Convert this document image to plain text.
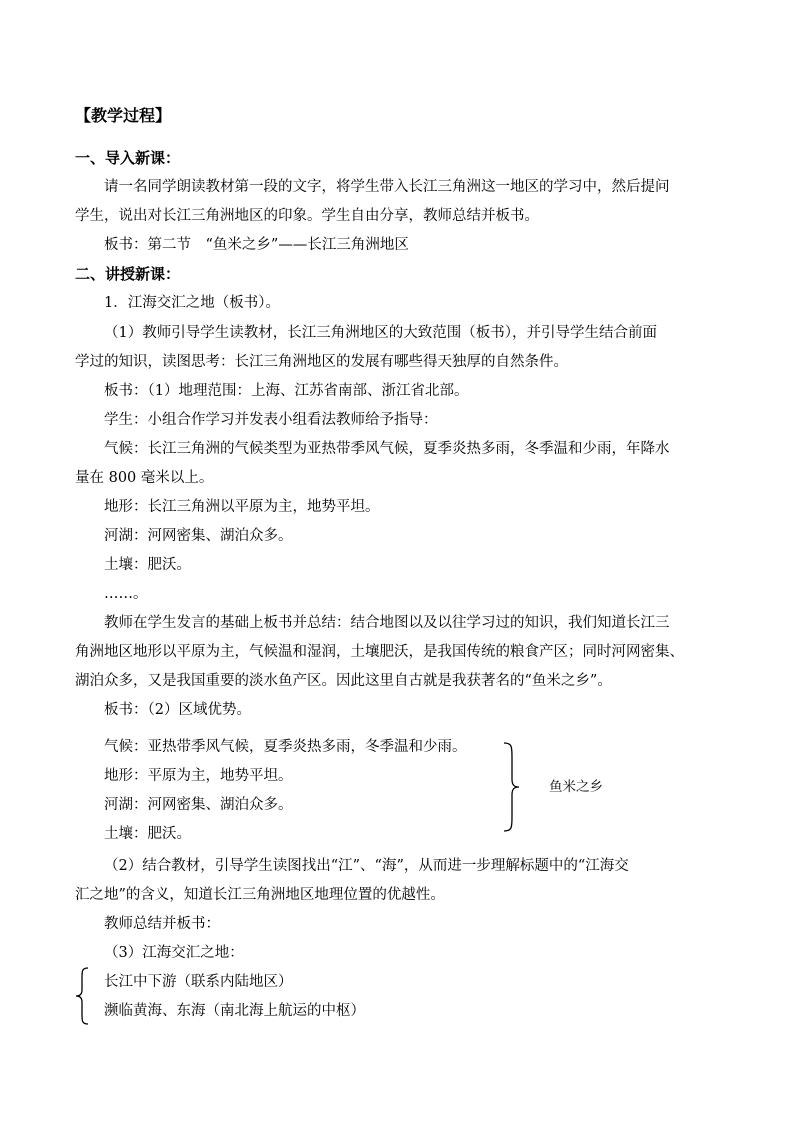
【教学过程】
一、导入新课：
请一名同学朗读教材第一段的文字，将学生带入长江三角洲这一地区的学习中，然后提问
学生，说出对长江三角洲地区的印象。学生自由分享，教师总结并板书。
板书：第二节　“鱼米之乡”——长江三角洲地区
二、讲授新课：
1．江海交汇之地（板书）。
（1）教师引导学生读教材，长江三角洲地区的大致范围（板书），并引导学生结合前面
学过的知识，读图思考：长江三角洲地区的发展有哪些得天独厚的自然条件。
板书：（1）地理范围：上海、江苏省南部、浙江省北部。
学生：小组合作学习并发表小组看法教师给予指导：
气候：长江三角洲的气候类型为亚热带季风气候，夏季炎热多雨，冬季温和少雨，年降水
量在 800 毫米以上。
地形：长江三角洲以平原为主，地势平坦。
河湖：河网密集、湖泊众多。
土壤：肥沃。
……。
教师在学生发言的基础上板书并总结：结合地图以及以往学习过的知识，我们知道长江三
角洲地区地形以平原为主，气候温和湿润，土壤肥沃，是我国传统的粮食产区；同时河网密集、
湖泊众多，又是我国重要的淡水鱼产区。因此这里自古就是我获著名的“鱼米之乡”。
板书：（2）区域优势。
气候：亚热带季风气候，夏季炎热多雨，冬季温和少雨。
地形：平原为主，地势平坦。
河湖：河网密集、湖泊众多。
土壤：肥沃。
鱼米之乡
（2）结合教材，引导学生读图找出“江”、“海”，从而进一步理解标题中的“江海交
汇之地”的含义，知道长江三角洲地区地理位置的优越性。
教师总结并板书：
（3）江海交汇之地：
长江中下游（联系内陆地区）
濒临黄海、东海（南北海上航运的中枢）
